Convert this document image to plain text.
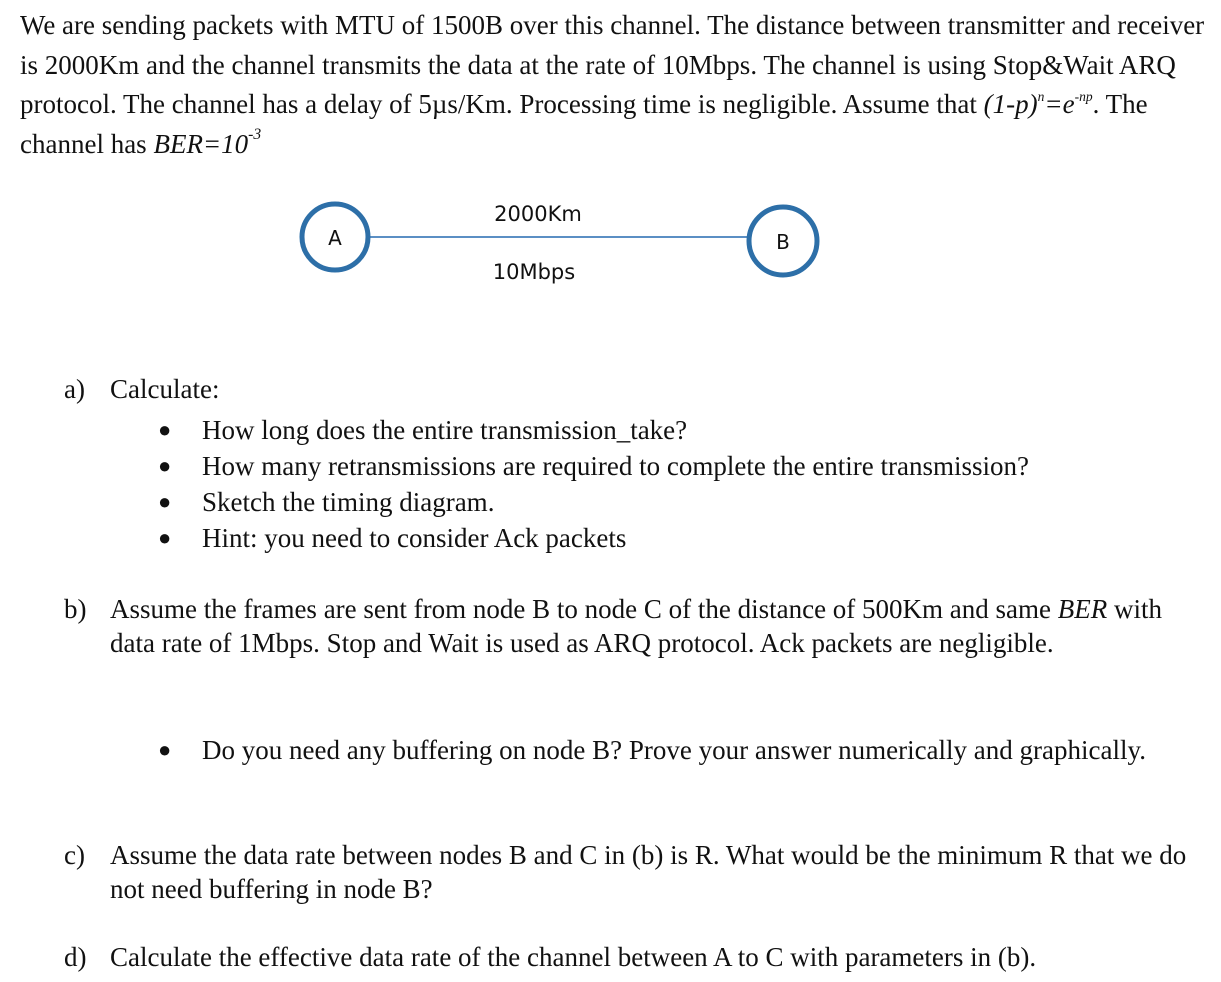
We are sending packets with MTU of 1500B over this channel. The distance between transmitter and receiver is 2000Km and the channel transmits the data at the rate of 10Mbps. The channel is using Stop&Wait ARQ protocol. The channel has a delay of 5µs/Km. Processing time is negligible. Assume that $(1-p)^n=e^{-np}$. The channel has $BER=10^{-3}$

A	B
2000Km
10Mbps
a) Calculate:
● How long does the entire transmission_take?
● How many retransmissions are required to complete the entire transmission?
● Sketch the timing diagram.
● Hint: you need to consider Ack packets
b) Assume the frames are sent from node B to node C of the distance of 500Km and same BER with data rate of 1Mbps. Stop and Wait is used as ARQ protocol. Ack packets are negligible.
● Do you need any buffering on node B? Prove your answer numerically and graphically.
c) Assume the data rate between nodes B and C in (b) is R. What would be the minimum R that we do not need buffering in node B?
d) Calculate the effective data rate of the channel between A to C with parameters in (b).
